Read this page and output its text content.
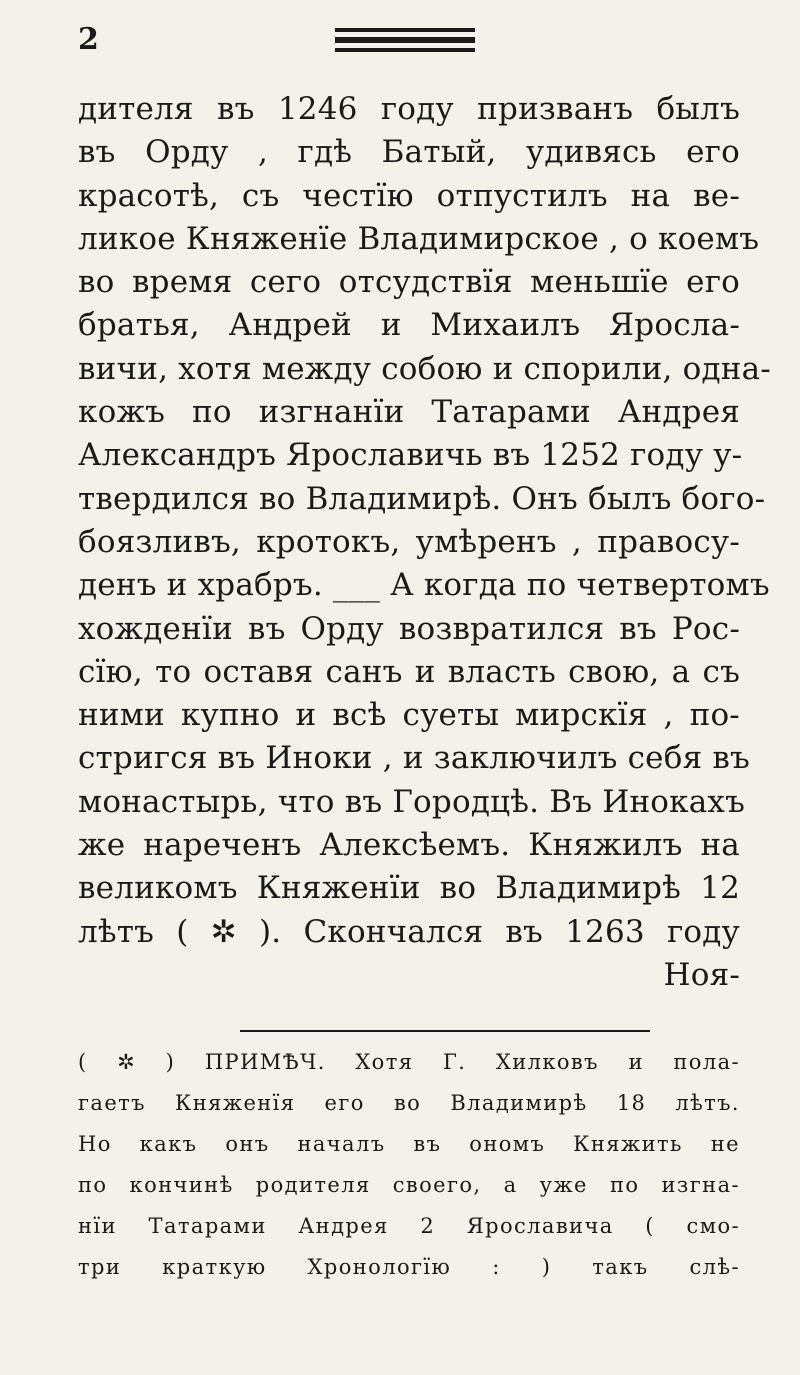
2
дителя въ 1246 году призванъ былъ
въ Орду , гдѣ Батый, удивясь его
красотѣ, съ честїю отпустилъ на ве-
ликое Княженїе Владимирское , о коемъ
во время сего отсудствїя меньшїе его
братья, Андрей и Михаилъ Яросла-
вичи, хотя между собою и спорили, одна-
кожъ по изгнанїи Татарами Андрея
Александръ Ярославичь въ 1252 году у-
твердился во Владимирѣ. Онъ былъ бого-
боязливъ, кротокъ, умѣренъ , правосу-
денъ и храбръ. ___ А когда по четвертомъ
хожденїи въ Орду возвратился въ Рос-
сїю, то оставя санъ и власть свою, а съ
ними купно и всѣ суеты мирскїя , по-
стригся въ Иноки , и заключилъ себя въ
монастырь, что въ Городцѣ. Въ Инокахъ
же нареченъ Алексѣемъ. Княжилъ на
великомъ Княженїи во Владимирѣ 12
лѣтъ ( ✲ ). Скончался въ 1263 году
Ноя-
( ✲ ) ПРИМѢЧ. Хотя Г. Хилковъ и пола-
гаетъ Княженїя его во Владимирѣ 18 лѣтъ.
Но какъ онъ началъ въ ономъ Княжить не
по кончинѣ родителя своего, а уже по изгна-
нїи Татарами Андрея 2 Ярославича ( смо-
три краткую Хронологїю : ) такъ слѣ-
